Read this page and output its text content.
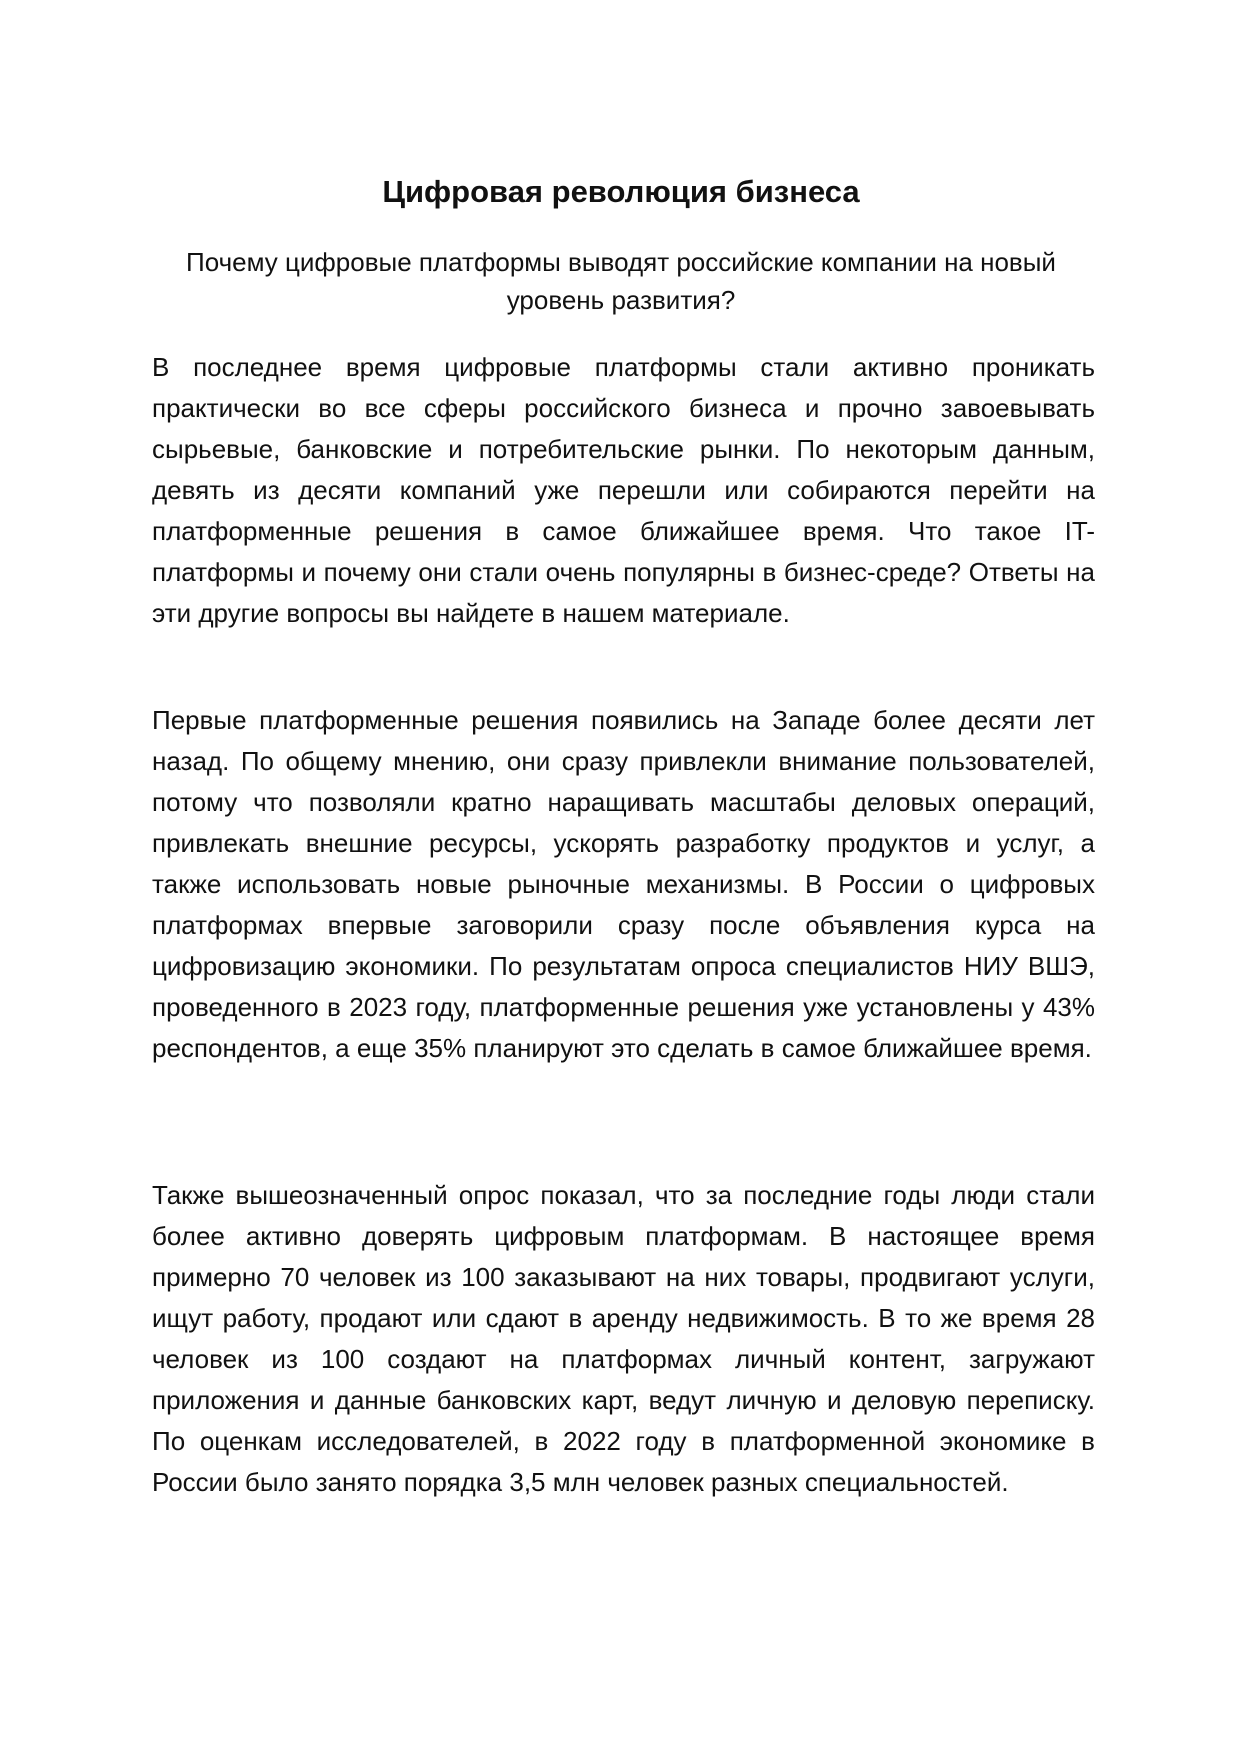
Цифровая революция бизнеса

Почему цифровые платформы выводят российские компании на новый уровень развития?

В последнее время цифровые платформы стали активно проникать практически во все сферы российского бизнеса и прочно завоевывать сырьевые, банковские и потребительские рынки. По некоторым данным, девять из десяти компаний уже перешли или собираются перейти на платформенные решения в самое ближайшее время. Что такое IT- платформы и почему они стали очень популярны в бизнес-среде? Ответы на эти другие вопросы вы найдете в нашем материале.

Первые платформенные решения появились на Западе более десяти лет назад. По общему мнению, они сразу привлекли внимание пользователей, потому что позволяли кратно наращивать масштабы деловых операций, привлекать внешние ресурсы, ускорять разработку продуктов и услуг, а также использовать новые рыночные механизмы. В России о цифровых платформах впервые заговорили сразу после объявления курса на цифровизацию экономики. По результатам опроса специалистов НИУ ВШЭ, проведенного в 2023 году, платформенные решения уже установлены у 43% респондентов, а еще 35% планируют это сделать в самое ближайшее время.

Также вышеозначенный опрос показал, что за последние годы люди стали более активно доверять цифровым платформам. В настоящее время примерно 70 человек из 100 заказывают на них товары, продвигают услуги, ищут работу, продают или сдают в аренду недвижимость. В то же время 28 человек из 100 создают на платформах личный контент, загружают приложения и данные банковских карт, ведут личную и деловую переписку. По оценкам исследователей, в 2022 году в платформенной экономике в России было занято порядка 3,5 млн человек разных специальностей.
